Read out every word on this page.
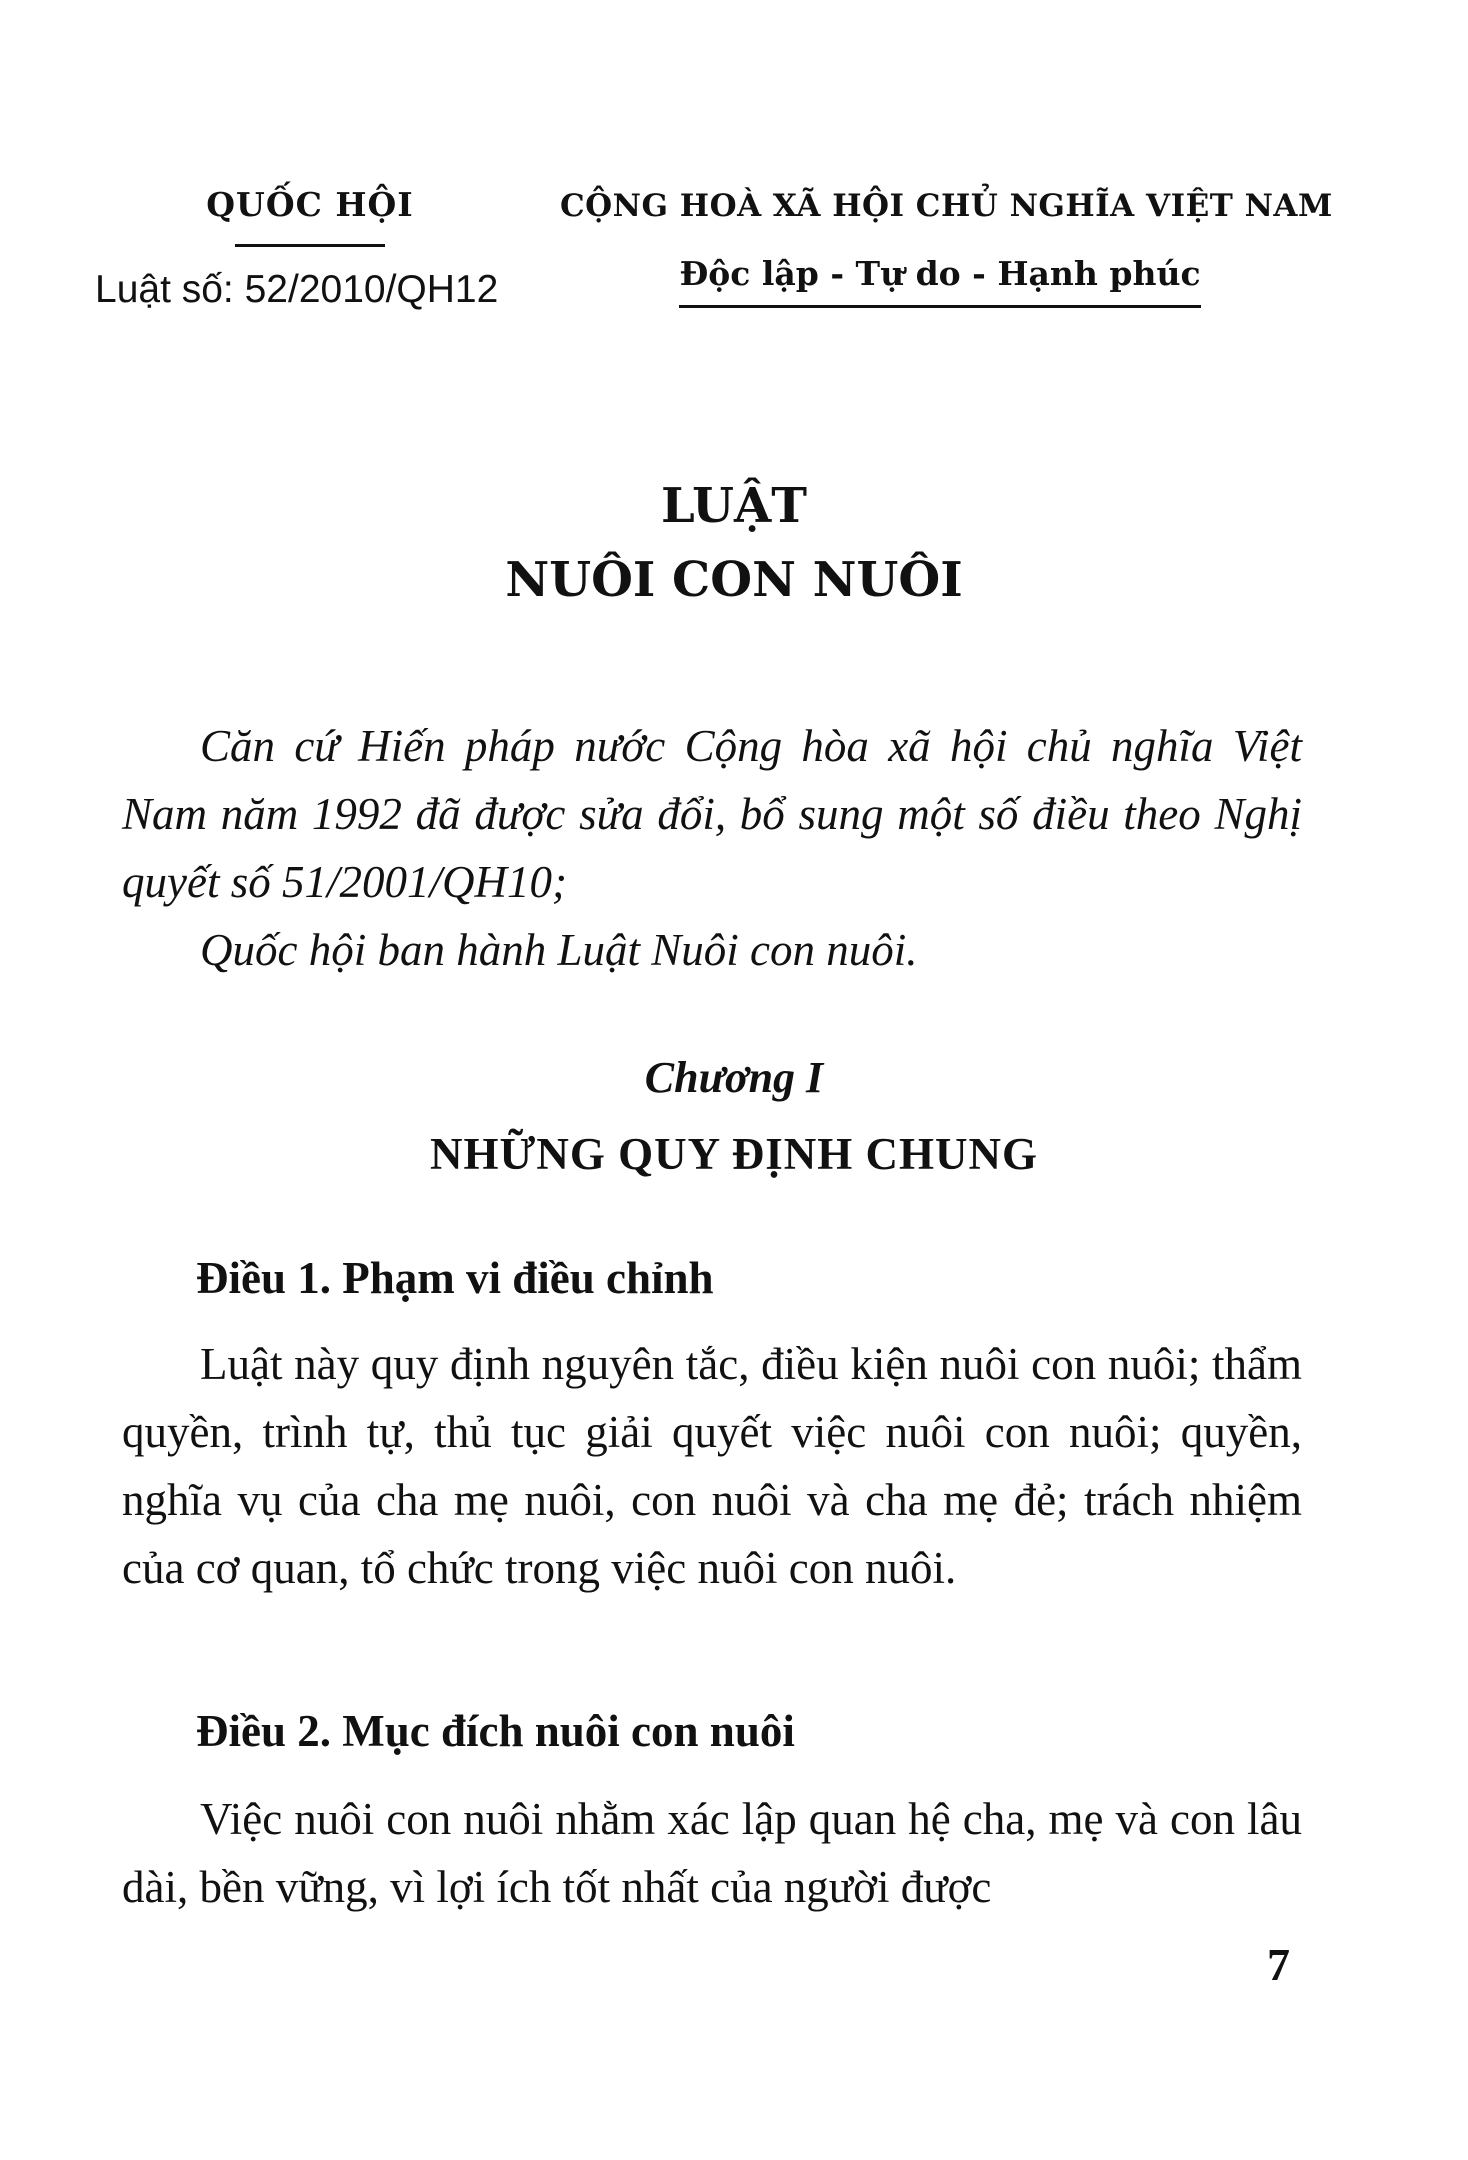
QUỐC HỘI
Luật số: 52/2010/QH12
CỘNG HOÀ XÃ HỘI CHỦ NGHĨA VIỆT NAM
Độc lập - Tự do - Hạnh phúc
LUẬT
NUÔI CON NUÔI

Căn cứ Hiến pháp nước Cộng hòa xã hội chủ nghĩa Việt Nam năm 1992 đã được sửa đổi, bổ sung một số điều theo Nghị quyết số 51/2001/QH10;

Quốc hội ban hành Luật Nuôi con nuôi.

Chương I
NHỮNG QUY ĐỊNH CHUNG
Điều 1. Phạm vi điều chỉnh

Luật này quy định nguyên tắc, điều kiện nuôi con nuôi; thẩm quyền, trình tự, thủ tục giải quyết việc nuôi con nuôi; quyền, nghĩa vụ của cha mẹ nuôi, con nuôi và cha mẹ đẻ; trách nhiệm của cơ quan, tổ chức trong việc nuôi con nuôi.

Điều 2. Mục đích nuôi con nuôi

Việc nuôi con nuôi nhằm xác lập quan hệ cha, mẹ và con lâu dài, bền vững, vì lợi ích tốt nhất của người được

7
